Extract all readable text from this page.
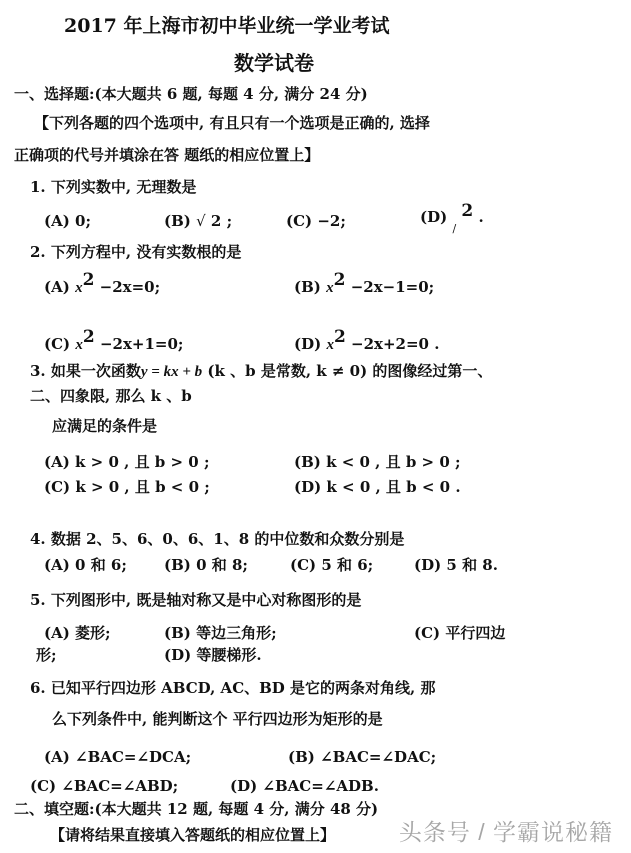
2017 年上海市初中毕业统一学业考试
数学试卷
一、选择题:(本大题共 6 题, 每题 4 分, 满分 24 分)
【下列各题的四个选项中, 有且只有一个选项是正确的, 选择
正确项的代号并填涂在答 题纸的相应位置上】
1. 下列实数中, 无理数是
(A) 0;	(B) √ 2 ;	(C) −2;	(D) $_/$ 2 .
2. 下列方程中, 没有实数根的是
(A) x2 −2x=0;	(B) x2 −2x−1=0;
(C) x2 −2x+1=0;	(D) x2 −2x+2=0 .
3. 如果一次函数y = kx + b (k 、b 是常数, k ≠ 0) 的图像经过第一、
二、四象限, 那么 k 、b
应满足的条件是
(A) k > 0 , 且 b > 0 ;	(B) k < 0 , 且 b > 0 ;
(C) k > 0 , 且 b < 0 ;	(D) k < 0 , 且 b < 0 .
4. 数据 2、5、6、0、6、1、8 的中位数和众数分别是
(A) 0 和 6; (B) 0 和 8;	(C) 5 和 6;	(D) 5 和 8.
5. 下列图形中, 既是轴对称又是中心对称图形的是
(A) 菱形;	(B) 等边三角形;	(C) 平行四边
形;	(D) 等腰梯形.
6. 已知平行四边形 ABCD, AC、BD 是它的两条对角线, 那
么下列条件中, 能判断这个 平行四边形为矩形的是
(A) ∠BAC=∠DCA;	(B) ∠BAC=∠DAC;
(C) ∠BAC=∠ABD;	(D) ∠BAC=∠ADB.
二、填空题:(本大题共 12 题, 每题 4 分, 满分 48 分)
【请将结果直接填入答题纸的相应位置上】	头条号 / 学霸说秘籍
